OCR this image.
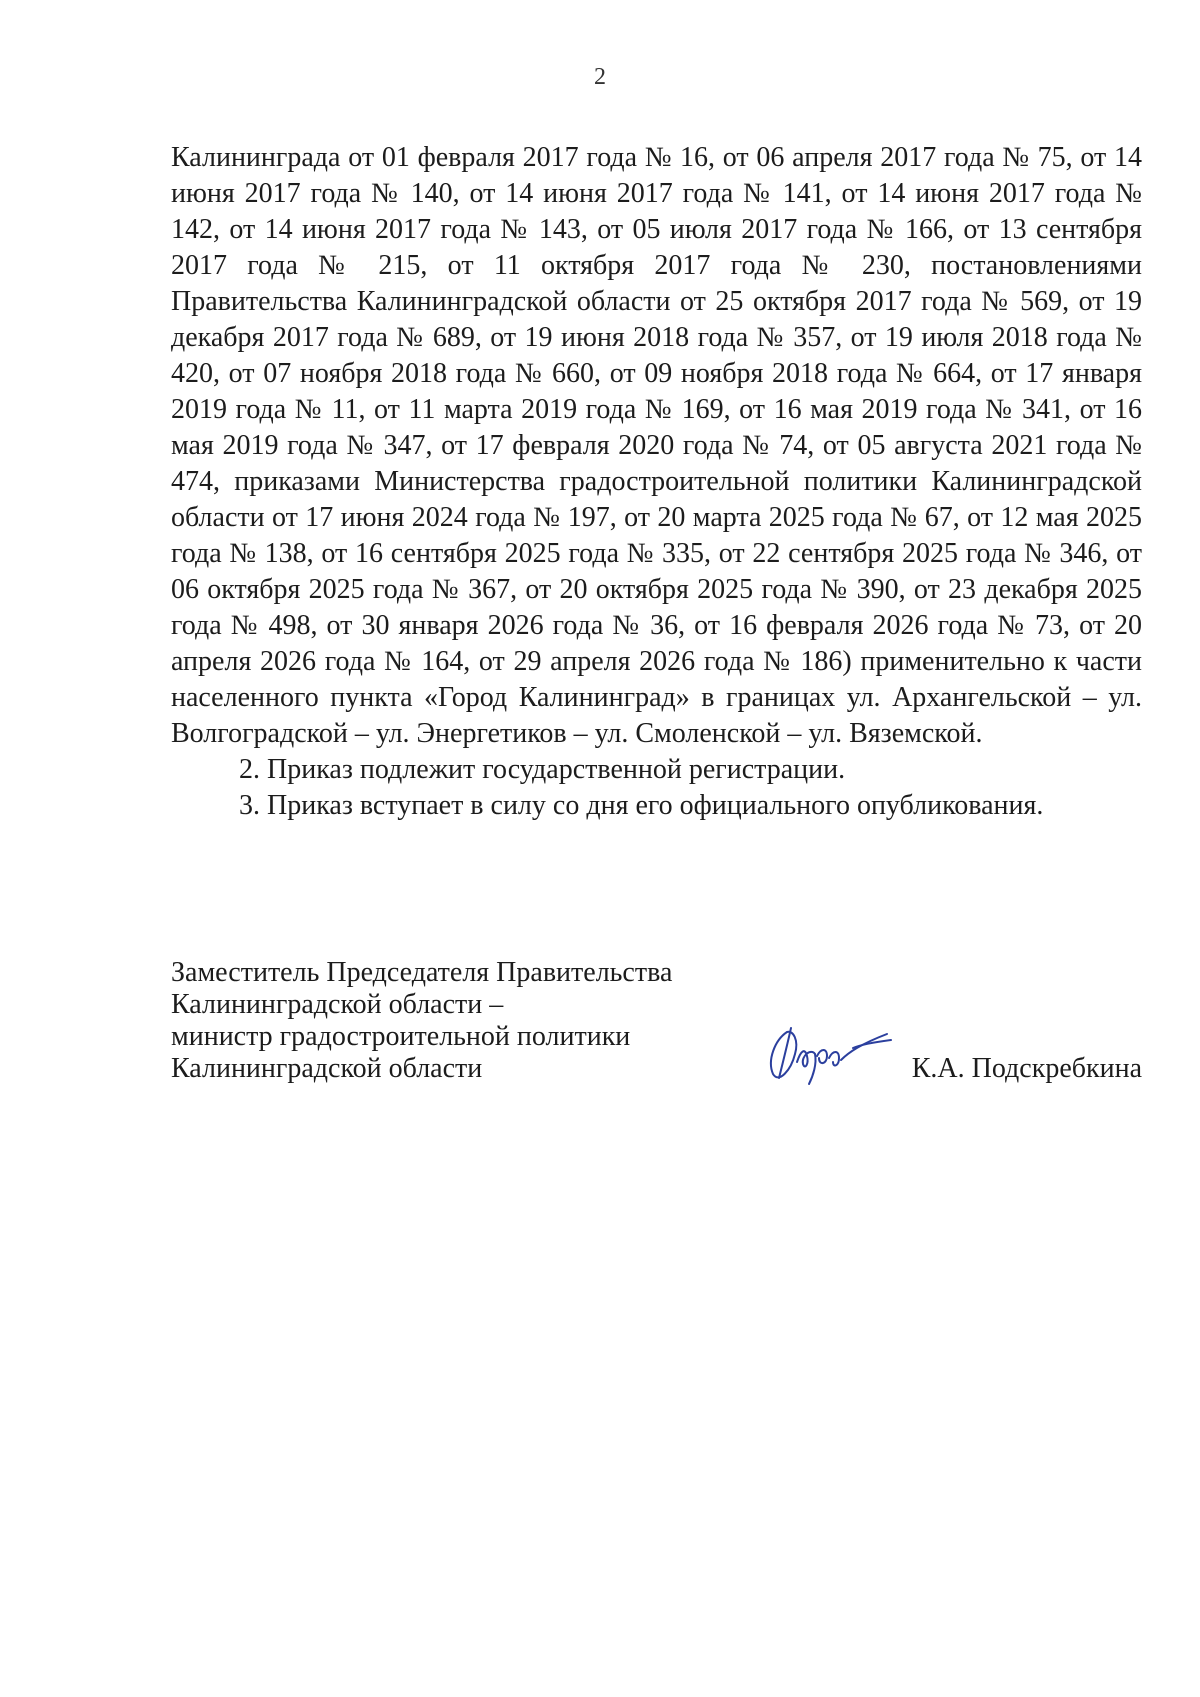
2

Калининграда от 01 февраля 2017 года № 16, от 06 апреля 2017 года № 75, от 14 июня 2017 года № 140, от 14 июня 2017 года № 141, от 14 июня 2017 года № 142, от 14 июня 2017 года № 143, от 05 июля 2017 года № 166, от 13 сентября 2017 года № 215, от 11 октября 2017 года № 230, постановлениями Правительства Калининградской области от 25 октября 2017 года № 569, от 19 декабря 2017 года № 689, от 19 июня 2018 года № 357, от 19 июля 2018 года № 420, от 07 ноября 2018 года № 660, от 09 ноября 2018 года № 664, от 17 января 2019 года № 11, от 11 марта 2019 года № 169, от 16 мая 2019 года № 341, от 16 мая 2019 года № 347, от 17 февраля 2020 года № 74, от 05 августа 2021 года № 474, приказами Министерства градостроительной политики Калининградской области от 17 июня 2024 года № 197, от 20 марта 2025 года № 67, от 12 мая 2025 года № 138, от 16 сентября 2025 года № 335, от 22 сентября 2025 года № 346, от 06 октября 2025 года № 367, от 20 октября 2025 года № 390, от 23 декабря 2025 года № 498, от 30 января 2026 года № 36, от 16 февраля 2026 года № 73, от 20 апреля 2026 года № 164, от 29 апреля 2026 года № 186) применительно к части населенного пункта «Город Калининград» в границах ул. Архангельской – ул. Волгоградской – ул. Энергетиков – ул. Смоленской – ул. Вяземской.

2. Приказ подлежит государственной регистрации.

3. Приказ вступает в силу со дня его официального опубликования.

Заместитель Председателя Правительства
Калининградской области –
министр градостроительной политики
Калининградской области	К.А. Подскребкина
